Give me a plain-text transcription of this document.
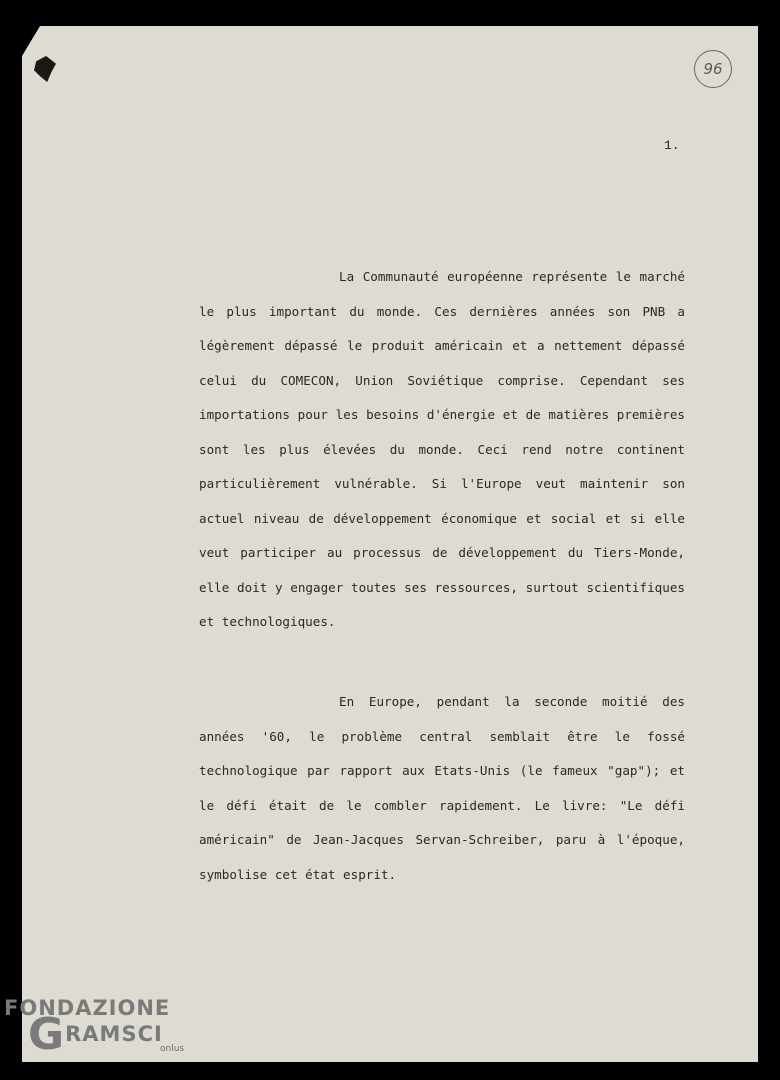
96
1.

La Communauté européenne représente le marché le plus important du monde. Ces dernières années son PNB a légèrement dépassé le produit américain et a nettement dépassé celui du COMECON, Union Soviétique comprise. Cependant ses importations pour les besoins d'énergie et de matières premières sont les plus élevées du monde. Ceci rend notre continent particulièrement vulnérable. Si l'Europe veut maintenir son actuel niveau de développement économique et social et si elle veut participer au processus de développement du Tiers-Monde, elle doit y engager toutes ses ressources, surtout scientifiques et technologiques.

En Europe, pendant la seconde moitié des années '60, le problème central semblait être le fossé technologique par rapport aux Etats-Unis (le fameux "gap"); et le défi était de le combler rapidement. Le livre: "Le défi américain" de Jean-Jacques Servan-Schreiber, paru à l'époque, symbolise cet état esprit.

FONDAZIONE
GRAMSCI
onlus
